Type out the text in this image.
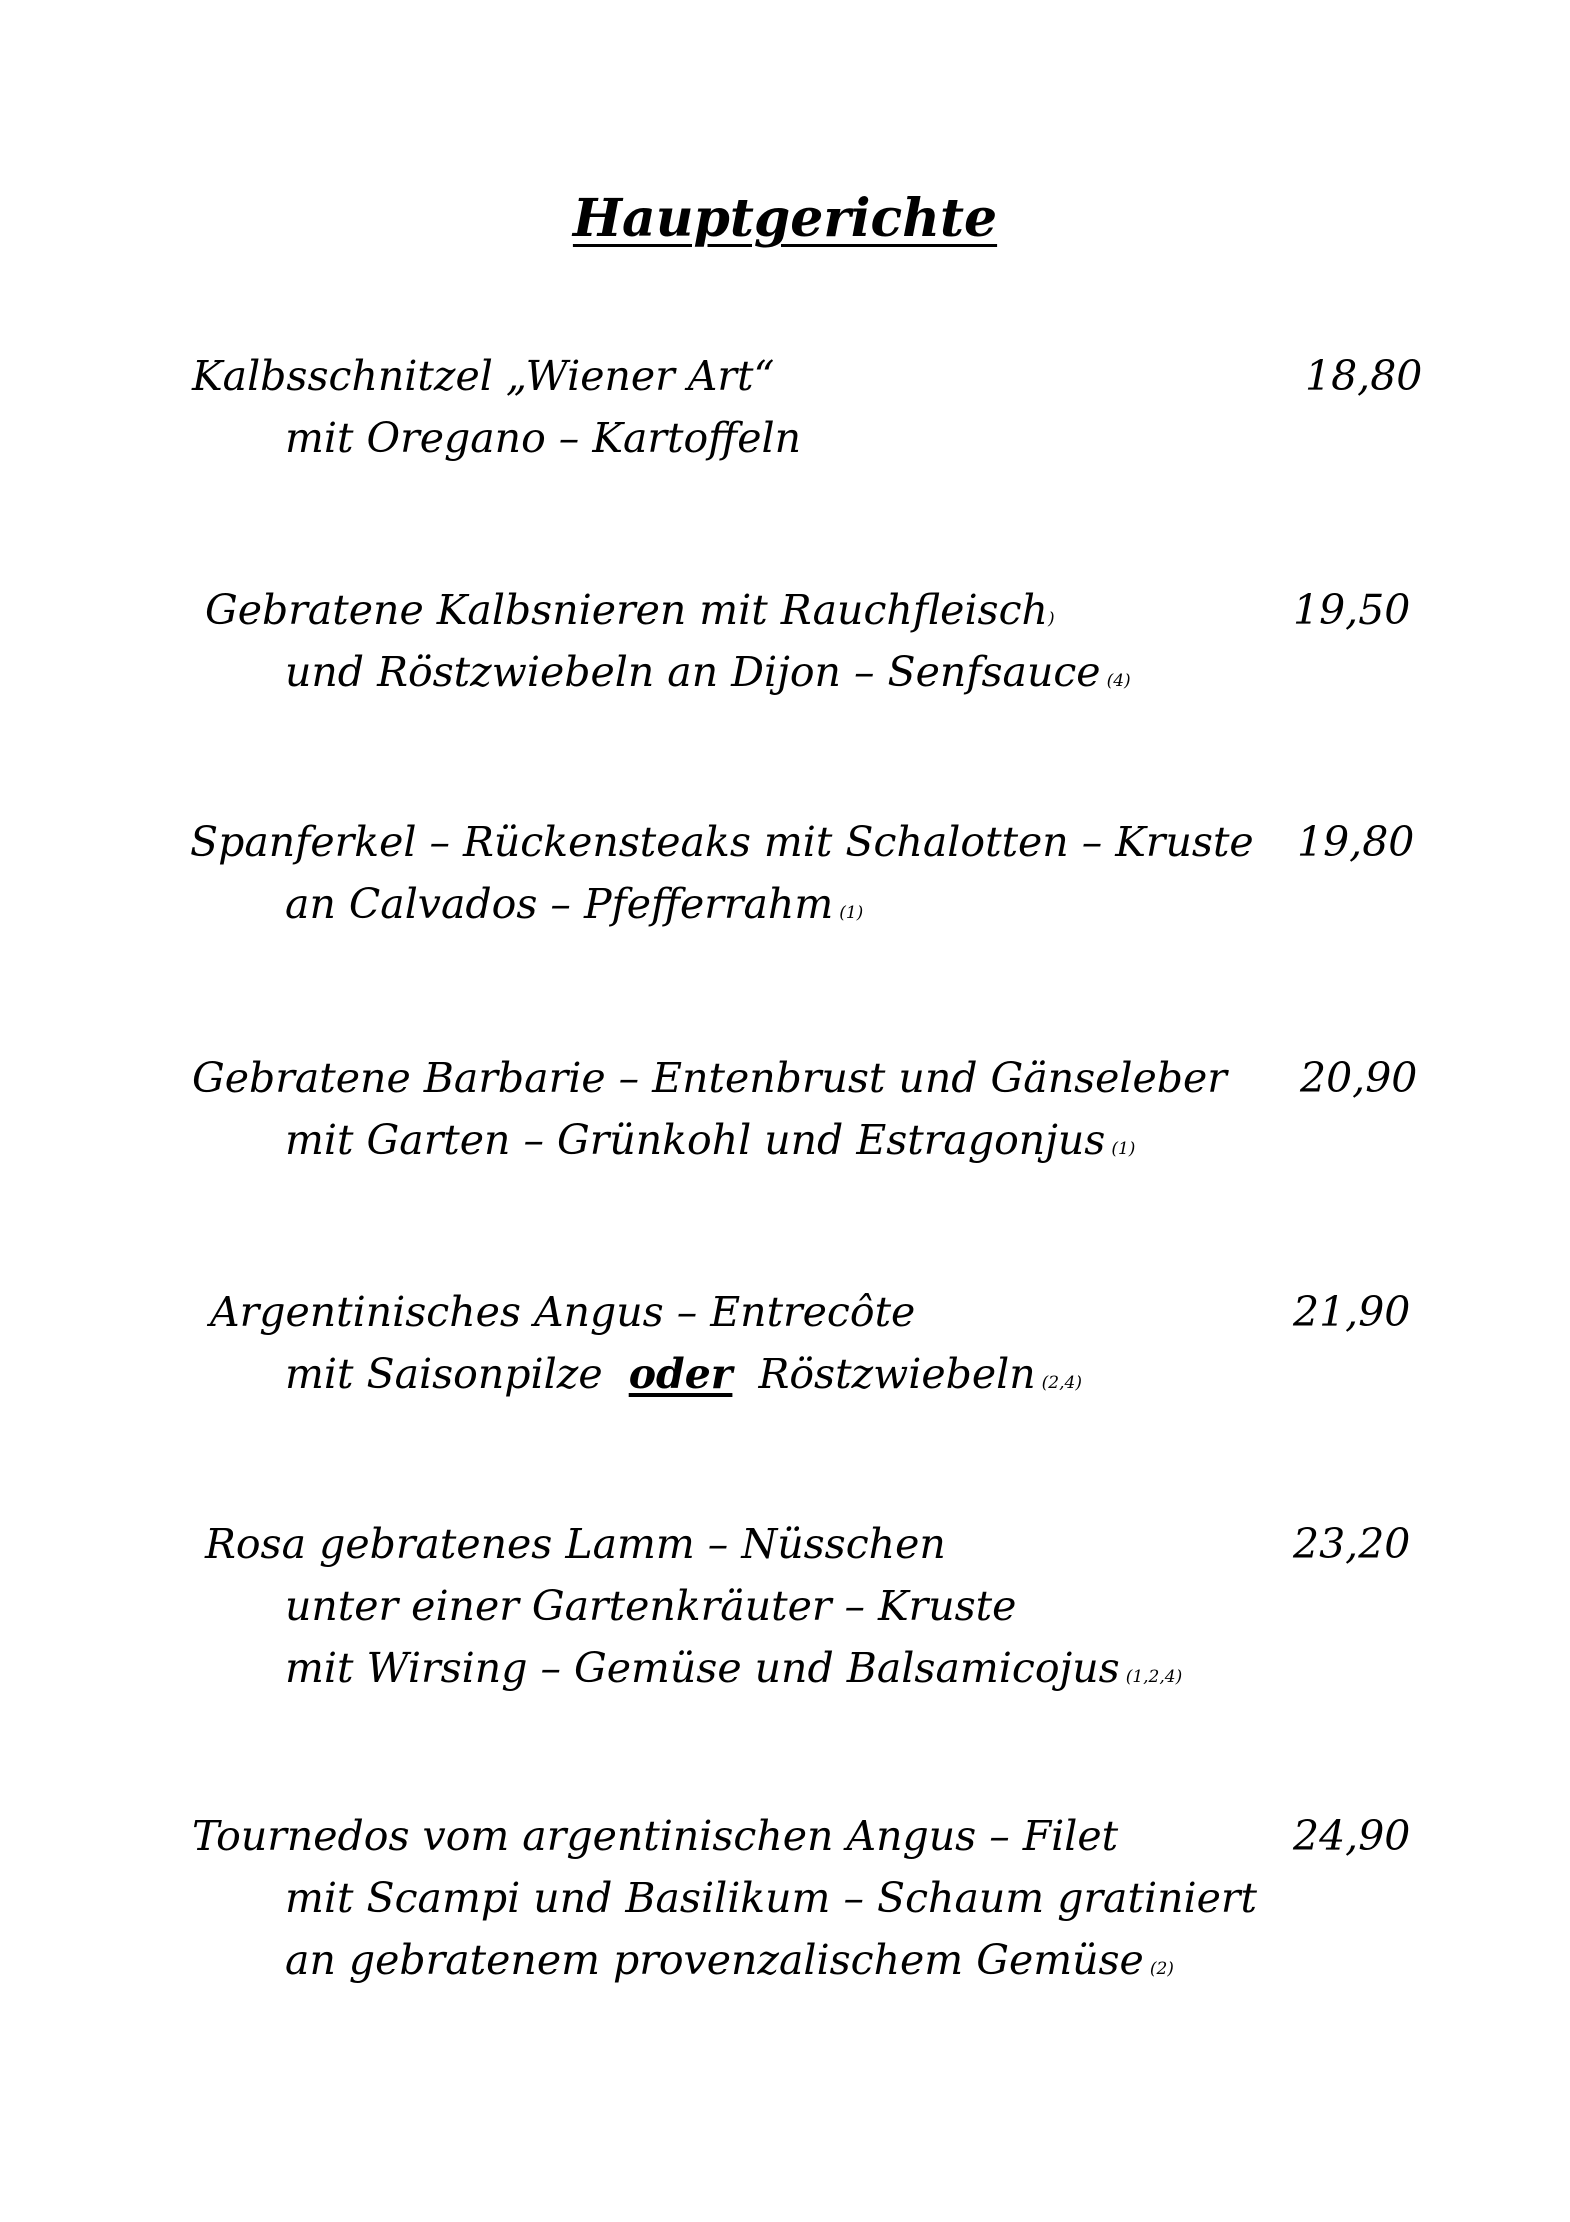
Hauptgerichte
Kalbsschnitzel „Wiener Art“
mit Oregano – Kartoffeln
18,80
Gebratene Kalbsnieren mit Rauchfleisch)
und Röstzwiebeln an Dijon – Senfsauce (4)
19,50
Spanferkel – Rückensteaks mit Schalotten – Kruste
an Calvados – Pfefferrahm (1)
19,80
Gebratene Barbarie – Entenbrust und Gänseleber
mit Garten – Grünkohl und Estragonjus (1)
20,90
Argentinisches Angus – Entrecôte
mit Saisonpilze oder Röstzwiebeln (2,4)
21,90
Rosa gebratenes Lamm – Nüsschen
unter einer Gartenkräuter – Kruste
mit Wirsing – Gemüse und Balsamicojus (1,2,4)
23,20
Tournedos vom argentinischen Angus – Filet
mit Scampi und Basilikum – Schaum gratiniert
an gebratenem provenzalischem Gemüse (2)
24,90
